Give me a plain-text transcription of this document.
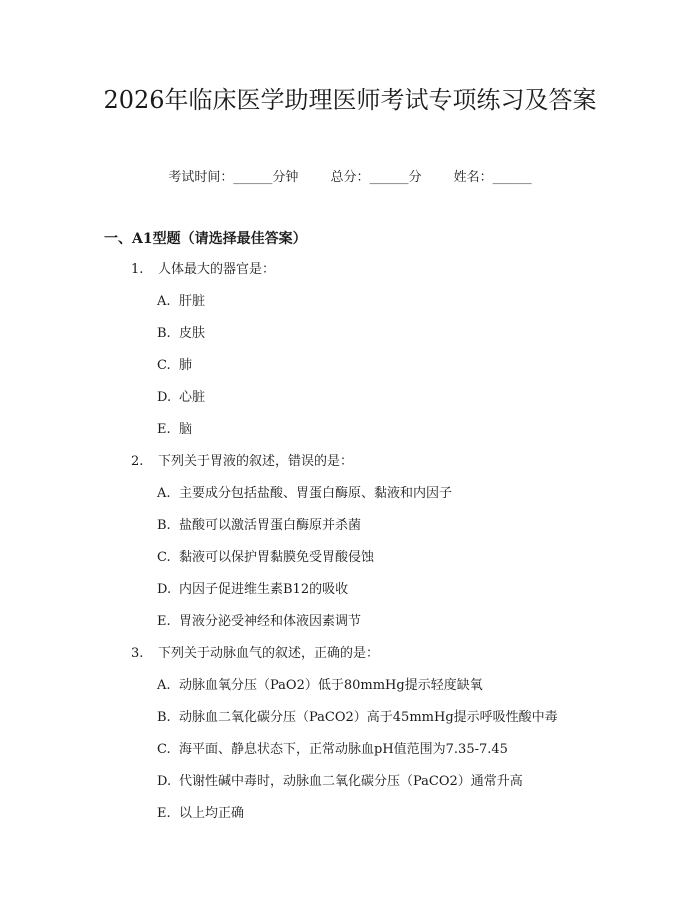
2026年临床医学助理医师考试专项练习及答案
考试时间：______分钟 总分：______分 姓名：______
一、A1型题（请选择最佳答案）
1. 人体最大的器官是：
A. 肝脏
B. 皮肤
C. 肺
D. 心脏
E. 脑
2. 下列关于胃液的叙述，错误的是：
A. 主要成分包括盐酸、胃蛋白酶原、黏液和内因子
B. 盐酸可以激活胃蛋白酶原并杀菌
C. 黏液可以保护胃黏膜免受胃酸侵蚀
D. 内因子促进维生素B12的吸收
E. 胃液分泌受神经和体液因素调节
3. 下列关于动脉血气的叙述，正确的是：
A. 动脉血氧分压（PaO2）低于80mmHg提示轻度缺氧
B. 动脉血二氧化碳分压（PaCO2）高于45mmHg提示呼吸性酸中毒
C. 海平面、静息状态下，正常动脉血pH值范围为7.35-7.45
D. 代谢性碱中毒时，动脉血二氧化碳分压（PaCO2）通常升高
E. 以上均正确
